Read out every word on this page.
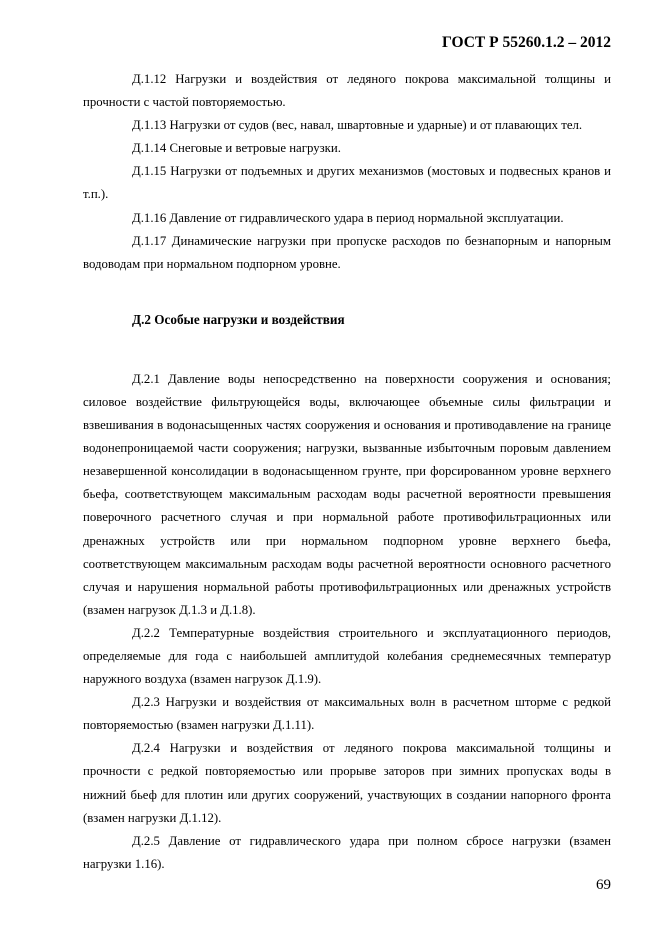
ГОСТ Р 55260.1.2 – 2012

Д.1.12 Нагрузки и воздействия от ледяного покрова максимальной толщины и прочности с частой повторяемостью.

Д.1.13 Нагрузки от судов (вес, навал, швартовные и ударные) и от плавающих тел.

Д.1.14 Снеговые и ветровые нагрузки.

Д.1.15 Нагрузки от подъемных и других механизмов (мостовых и подвесных кранов и т.п.).

Д.1.16 Давление от гидравлического удара в период нормальной эксплуатации.

Д.1.17 Динамические нагрузки при пропуске расходов по безнапорным и напорным водоводам при нормальном подпорном уровне.

Д.2 Особые нагрузки и воздействия

Д.2.1 Давление воды непосредственно на поверхности сооружения и основания; силовое воздействие фильтрующейся воды, включающее объемные силы фильтрации и взвешивания в водонасыщенных частях сооружения и основания и противодавление на границе водонепроницаемой части сооружения; нагрузки, вызванные избыточным поровым давлением незавершенной консолидации в водонасыщенном грунте, при форсированном уровне верхнего бьефа, соответствующем максимальным расходам воды расчетной вероятности превышения поверочного расчетного случая и при нормальной работе противофильтрационных или дренажных устройств или при нормальном подпорном уровне верхнего бьефа, соответствующем максимальным расходам воды расчетной вероятности основного расчетного случая и нарушения нормальной работы противофильтрационных или дренажных устройств (взамен нагрузок Д.1.3 и Д.1.8).

Д.2.2 Температурные воздействия строительного и эксплуатационного периодов, определяемые для года с наибольшей амплитудой колебания среднемесячных температур наружного воздуха (взамен нагрузок Д.1.9).

Д.2.3 Нагрузки и воздействия от максимальных волн в расчетном шторме с редкой повторяемостью (взамен нагрузки Д.1.11).

Д.2.4 Нагрузки и воздействия от ледяного покрова максимальной толщины и прочности с редкой повторяемостью или прорыве заторов при зимних пропусках воды в нижний бьеф для плотин или других сооружений, участвующих в создании напорного фронта (взамен нагрузки Д.1.12).

Д.2.5 Давление от гидравлического удара при полном сбросе нагрузки (взамен нагрузки 1.16).

69
